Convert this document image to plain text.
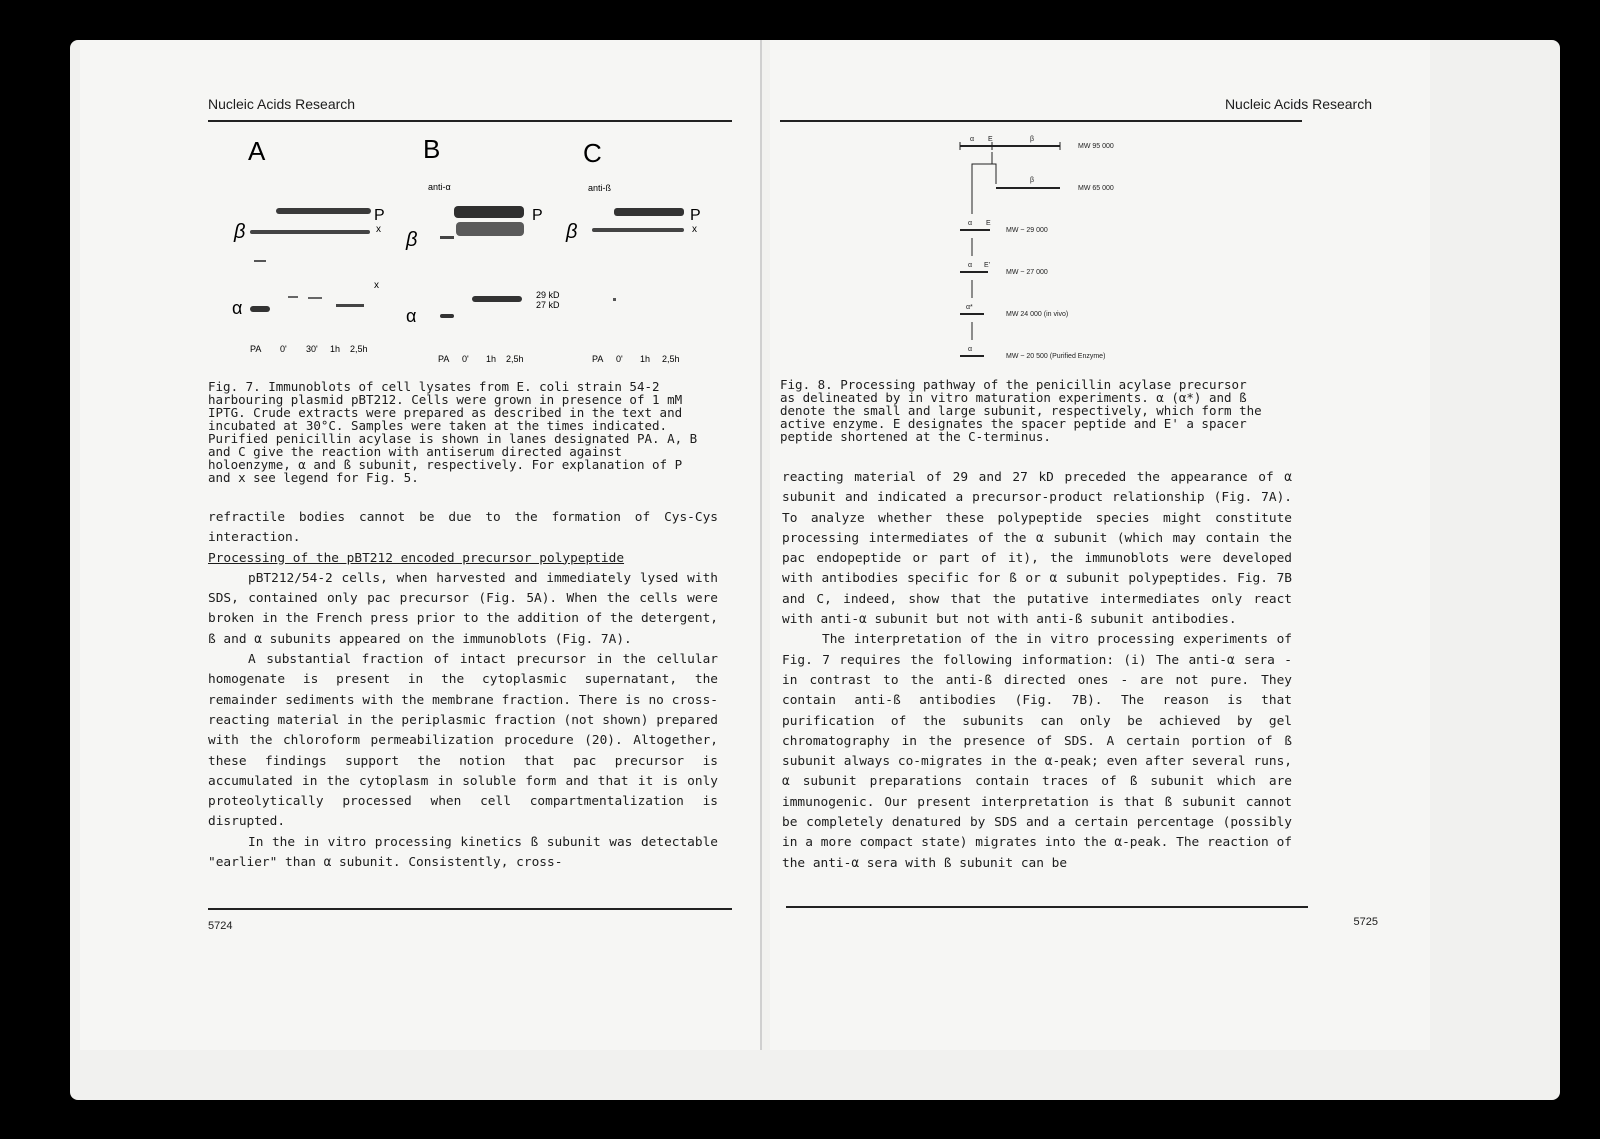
Nucleic Acids Research
A	B	C
anti-α	anti-ß
β
α
P
x
x
β
α
P
29 kD
27 kD
β
P
x
PA 0' 30' 1h 2,5h
PA 0' 1h 2,5h	PA 0' 1h 2,5h
Fig. 7. Immunoblots of cell lysates from E. coli strain 54-2
harbouring plasmid pBT212. Cells were grown in presence of 1 mM
IPTG. Crude extracts were prepared as described in the text and
incubated at 30°C. Samples were taken at the times indicated.
Purified penicillin acylase is shown in lanes designated PA. A, B
and C give the reaction with antiserum directed against
holoenzyme, α and ß subunit, respectively. For explanation of P
and x see legend for Fig. 5.

refractile bodies cannot be due to the formation of Cys-Cys interaction.

Processing of the pBT212 encoded precursor polypeptide

pBT212/54-2 cells, when harvested and immediately lysed with SDS, contained only pac precursor (Fig. 5A). When the cells were broken in the French press prior to the addition of the detergent, ß and α subunits appeared on the immunoblots (Fig. 7A).

A substantial fraction of intact precursor in the cellular homogenate is present in the cytoplasmic supernatant, the remainder sediments with the membrane fraction. There is no cross-reacting material in the periplasmic fraction (not shown) prepared with the chloroform permeabilization procedure (20). Altogether, these findings support the notion that pac precursor is accumulated in the cytoplasm in soluble form and that it is only proteolytically processed when cell compartmentalization is disrupted.

In the in vitro processing kinetics ß subunit was detectable "earlier" than α subunit. Consistently, cross-

5724
Nucleic Acids Research
α E	β
MW 95 000
β
MW 65 000
α E
MW ~ 29 000
α E'
MW ~ 27 000
α*
MW 24 000 (in vivo)
α
MW ~ 20 500 (Purified Enzyme)
Fig. 8. Processing pathway of the penicillin acylase precursor
as delineated by in vitro maturation experiments. α (α*) and ß
denote the small and large subunit, respectively, which form the
active enzyme. E designates the spacer peptide and E' a spacer
peptide shortened at the C-terminus.

reacting material of 29 and 27 kD preceded the appearance of α subunit and indicated a precursor-product relationship (Fig. 7A). To analyze whether these polypeptide species might constitute processing intermediates of the α subunit (which may contain the pac endopeptide or part of it), the immunoblots were developed with antibodies specific for ß or α subunit polypeptides. Fig. 7B and C, indeed, show that the putative intermediates only react with anti-α subunit but not with anti-ß subunit antibodies.

The interpretation of the in vitro processing experiments of Fig. 7 requires the following information: (i) The anti-α sera - in contrast to the anti-ß directed ones - are not pure. They contain anti-ß antibodies (Fig. 7B). The reason is that purification of the subunits can only be achieved by gel chromatography in the presence of SDS. A certain portion of ß subunit always co-migrates in the α-peak; even after several runs, α subunit preparations contain traces of ß subunit which are immunogenic. Our present interpretation is that ß subunit cannot be completely denatured by SDS and a certain percentage (possibly in a more compact state) migrates into the α-peak. The reaction of the anti-α sera with ß subunit can be

5725
